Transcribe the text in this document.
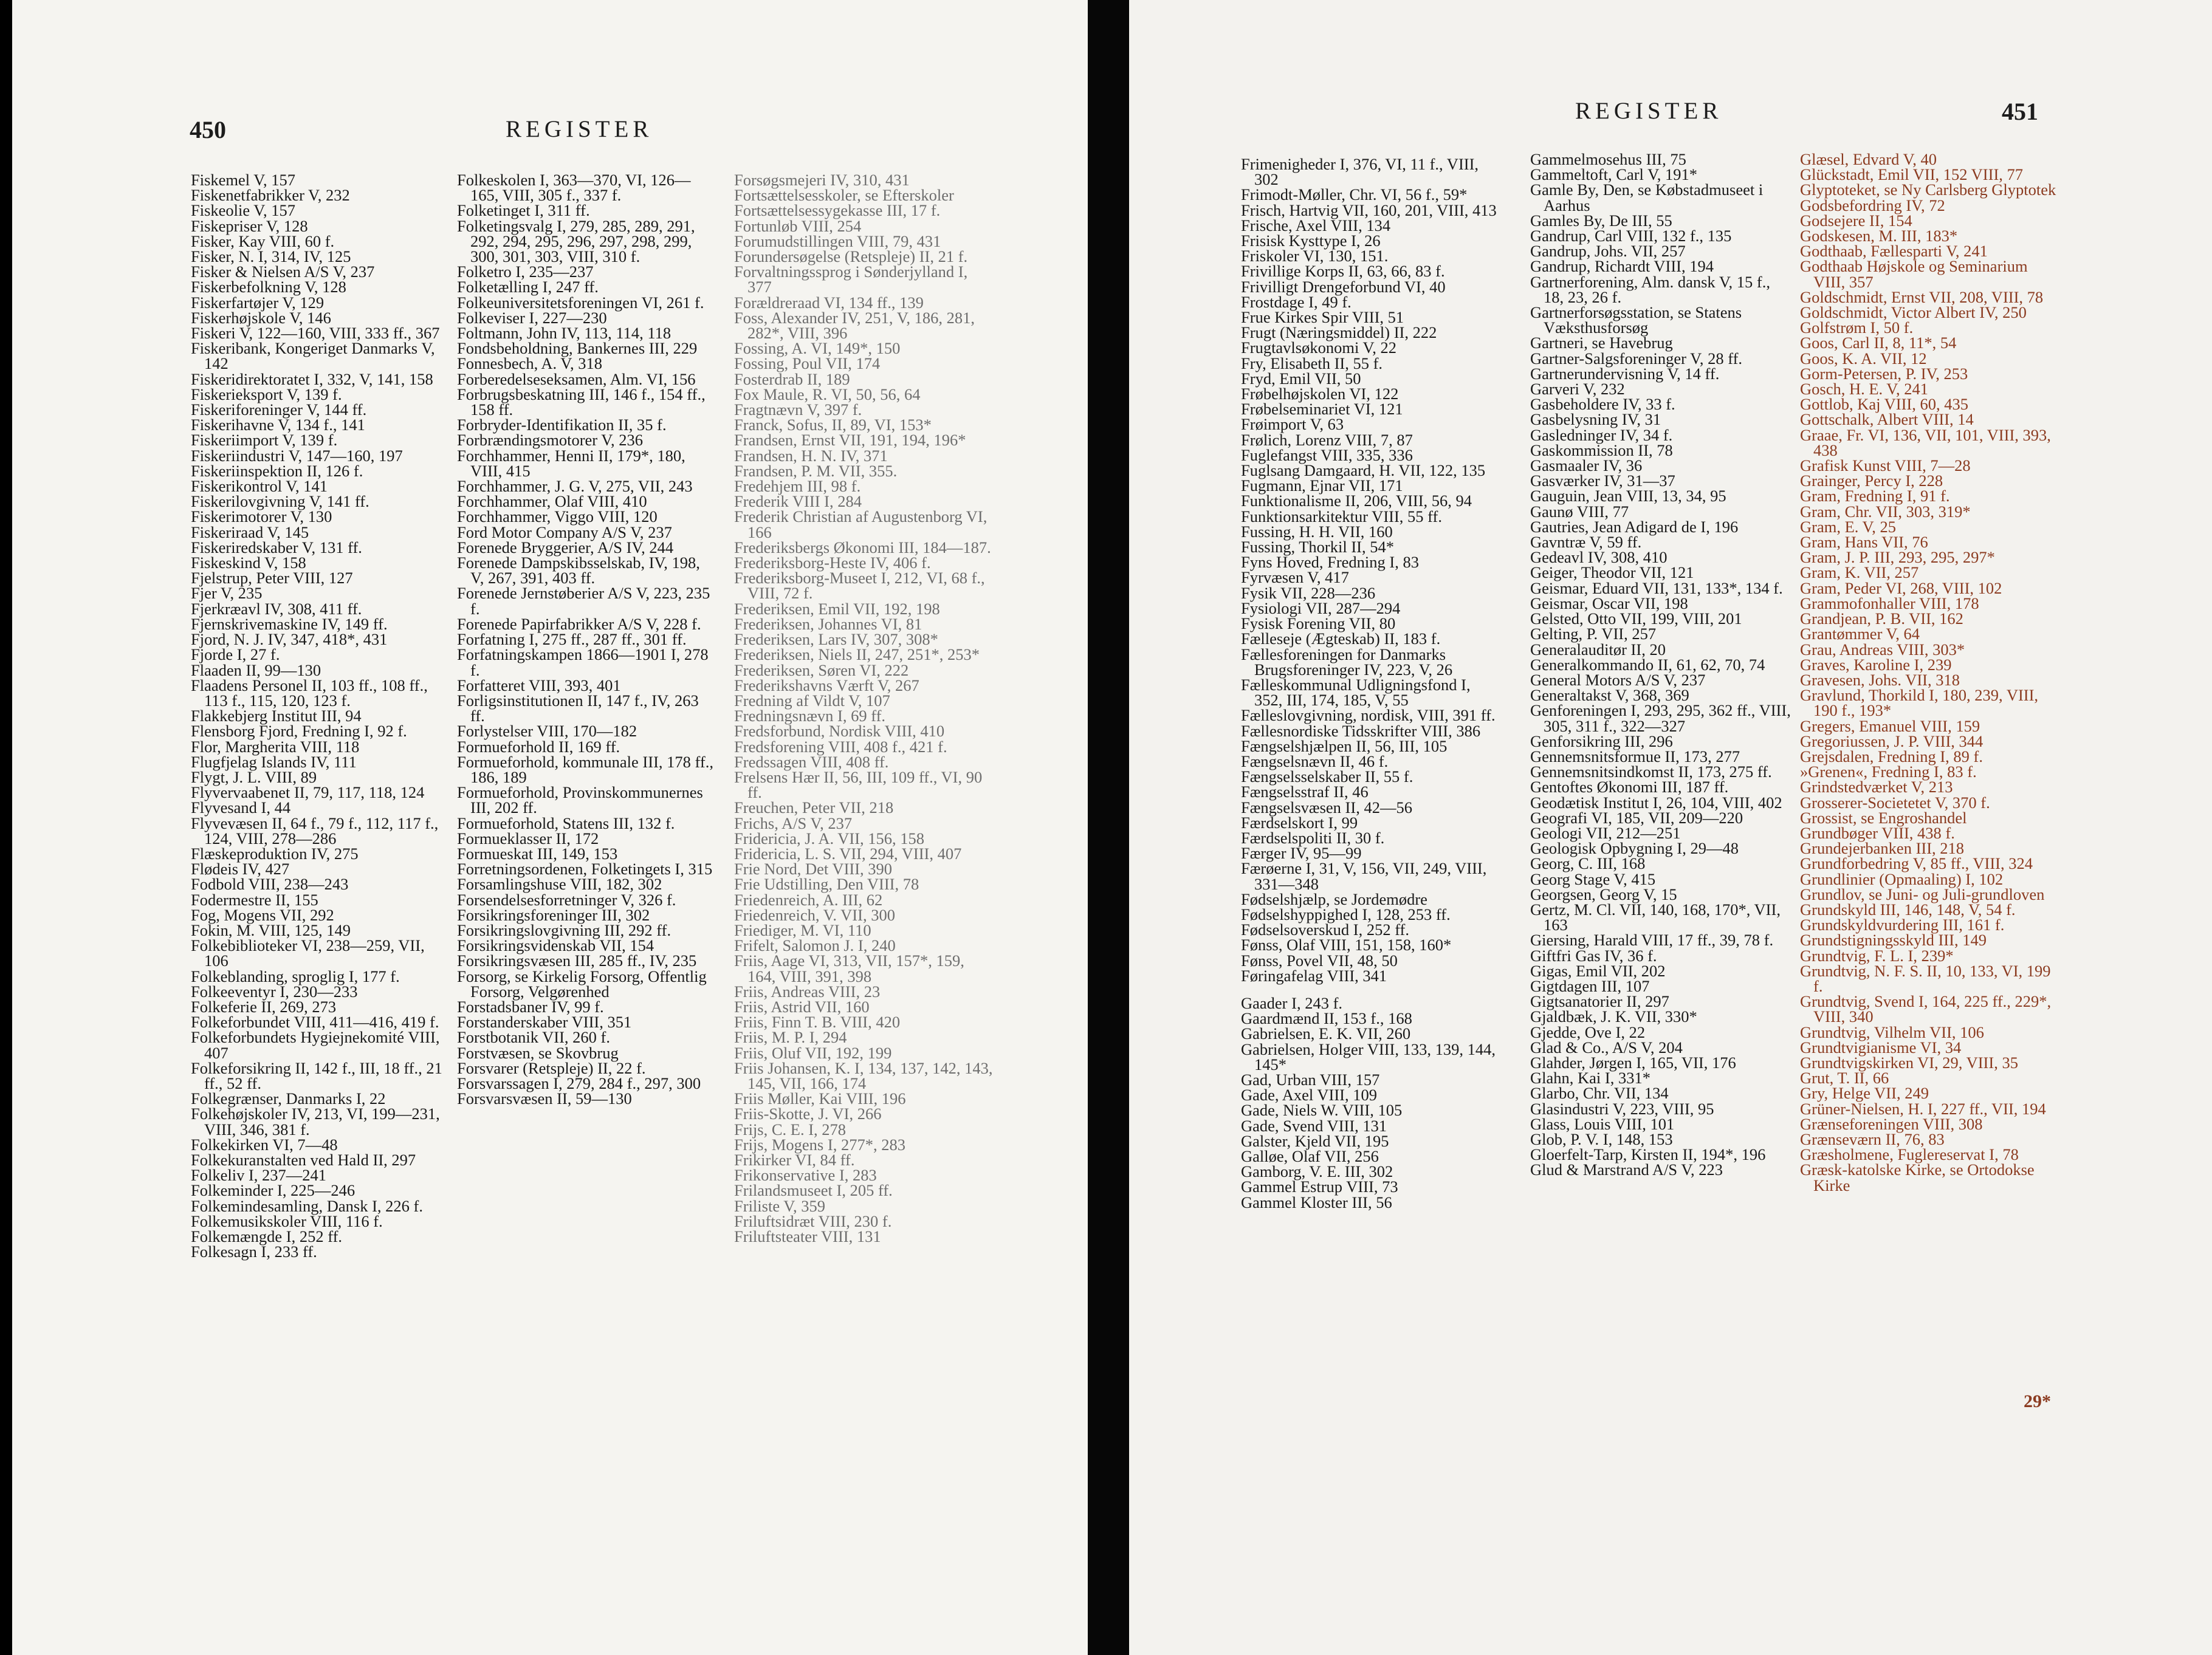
450	REGISTER

Fiskemel V, 157

Fiskenetfabrikker V, 232

Fiskeolie V, 157

Fiskepriser V, 128

Fisker, Kay VIII, 60 f.

Fisker, N. I, 314, IV, 125

Fisker & Nielsen A/S V, 237

Fiskerbefolkning V, 128

Fiskerfartøjer V, 129

Fiskerhøjskole V, 146

Fiskeri V, 122—160, VIII, 333 ff., 367

Fiskeribank, Kongeriget Danmarks V, 142

Fiskeridirektoratet I, 332, V, 141, 158

Fiskerieksport V, 139 f.

Fiskeriforeninger V, 144 ff.

Fiskerihavne V, 134 f., 141

Fiskeriimport V, 139 f.

Fiskeriindustri V, 147—160, 197

Fiskeriinspektion II, 126 f.

Fiskerikontrol V, 141

Fiskerilovgivning V, 141 ff.

Fiskerimotorer V, 130

Fiskeriraad V, 145

Fiskeriredskaber V, 131 ff.

Fiskeskind V, 158

Fjelstrup, Peter VIII, 127

Fjer V, 235

Fjerkræavl IV, 308, 411 ff.

Fjernskrivemaskine IV, 149 ff.

Fjord, N. J. IV, 347, 418*, 431

Fjorde I, 27 f.

Flaaden II, 99—130

Flaadens Personel II, 103 ff., 108 ff., 113 f., 115, 120, 123 f.

Flakkebjerg Institut III, 94

Flensborg Fjord, Fredning I, 92 f.

Flor, Margherita VIII, 118

Flugfjelag Islands IV, 111

Flygt, J. L. VIII, 89

Flyvervaabenet II, 79, 117, 118, 124

Flyvesand I, 44

Flyvevæsen II, 64 f., 79 f., 112, 117 f., 124, VIII, 278—286

Flæskeproduktion IV, 275

Flødeis IV, 427

Fodbold VIII, 238—243

Fodermestre II, 155

Fog, Mogens VII, 292

Fokin, M. VIII, 125, 149

Folkebiblioteker VI, 238—259, VII, 106

Folkeblanding, sproglig I, 177 f.

Folkeeventyr I, 230—233

Folkeferie II, 269, 273

Folkeforbundet VIII, 411—416, 419 f.

Folkeforbundets Hygiejnekomité VIII, 407

Folkeforsikring II, 142 f., III, 18 ff., 21 ff., 52 ff.

Folkegrænser, Danmarks I, 22

Folkehøjskoler IV, 213, VI, 199—231, VIII, 346, 381 f.

Folkekirken VI, 7—48

Folkekuranstalten ved Hald II, 297

Folkeliv I, 237—241

Folkeminder I, 225—246

Folkemindesamling, Dansk I, 226 f.

Folkemusikskoler VIII, 116 f.

Folkemængde I, 252 ff.

Folkesagn I, 233 ff.

Folkeskolen I, 363—370, VI, 126—165, VIII, 305 f., 337 f.

Folketinget I, 311 ff.

Folketingsvalg I, 279, 285, 289, 291, 292, 294, 295, 296, 297, 298, 299, 300, 301, 303, VIII, 310 f.

Folketro I, 235—237

Folketælling I, 247 ff.

Folkeuniversitetsforeningen VI, 261 f.

Folkeviser I, 227—230

Foltmann, John IV, 113, 114, 118

Fondsbeholdning, Bankernes III, 229

Fonnesbech, A. V, 318

Forberedelseseksamen, Alm. VI, 156

Forbrugsbeskatning III, 146 f., 154 ff., 158 ff.

Forbryder-Identifikation II, 35 f.

Forbrændingsmotorer V, 236

Forchhammer, Henni II, 179*, 180, VIII, 415

Forchhammer, J. G. V, 275, VII, 243

Forchhammer, Olaf VIII, 410

Forchhammer, Viggo VIII, 120

Ford Motor Company A/S V, 237

Forenede Bryggerier, A/S IV, 244

Forenede Dampskibsselskab, IV, 198, V, 267, 391, 403 ff.

Forenede Jernstøberier A/S V, 223, 235 f.

Forenede Papirfabrikker A/S V, 228 f.

Forfatning I, 275 ff., 287 ff., 301 ff.

Forfatningskampen 1866—1901 I, 278 f.

Forfatteret VIII, 393, 401

Forligsinstitutionen II, 147 f., IV, 263 ff.

Forlystelser VIII, 170—182

Formueforhold II, 169 ff.

Formueforhold, kommunale III, 178 ff., 186, 189

Formueforhold, Provinskommunernes III, 202 ff.

Formueforhold, Statens III, 132 f.

Formueklasser II, 172

Formueskat III, 149, 153

Forretningsordenen, Folketingets I, 315

Forsamlingshuse VIII, 182, 302

Forsendelsesforretninger V, 326 f.

Forsikringsforeninger III, 302

Forsikringslovgivning III, 292 ff.

Forsikringsvidenskab VII, 154

Forsikringsvæsen III, 285 ff., IV, 235

Forsorg, se Kirkelig Forsorg, Offentlig Forsorg, Velgørenhed

Forstadsbaner IV, 99 f.

Forstanderskaber VIII, 351

Forstbotanik VII, 260 f.

Forstvæsen, se Skovbrug

Forsvarer (Retspleje) II, 22 f.

Forsvarssagen I, 279, 284 f., 297, 300

Forsvarsvæsen II, 59—130

Forsøgsmejeri IV, 310, 431

Fortsættelsesskoler, se Efterskoler

Fortsættelsessygekasse III, 17 f.

Fortunløb VIII, 254

Forumudstillingen VIII, 79, 431

Forundersøgelse (Retspleje) II, 21 f.

Forvaltningssprog i Sønderjylland I, 377

Forældreraad VI, 134 ff., 139

Foss, Alexander IV, 251, V, 186, 281, 282*, VIII, 396

Fossing, A. VI, 149*, 150

Fossing, Poul VII, 174

Fosterdrab II, 189

Fox Maule, R. VI, 50, 56, 64

Fragtnævn V, 397 f.

Franck, Sofus, II, 89, VI, 153*

Frandsen, Ernst VII, 191, 194, 196*

Frandsen, H. N. IV, 371

Frandsen, P. M. VII, 355.

Fredehjem III, 98 f.

Frederik VIII I, 284

Frederik Christian af Augustenborg VI, 166

Frederiksbergs Økonomi III, 184—187.

Frederiksborg-Heste IV, 406 f.

Frederiksborg-Museet I, 212, VI, 68 f., VIII, 72 f.

Frederiksen, Emil VII, 192, 198

Frederiksen, Johannes VI, 81

Frederiksen, Lars IV, 307, 308*

Frederiksen, Niels II, 247, 251*, 253*

Frederiksen, Søren VI, 222

Frederikshavns Værft V, 267

Fredning af Vildt V, 107

Fredningsnævn I, 69 ff.

Fredsforbund, Nordisk VIII, 410

Fredsforening VIII, 408 f., 421 f.

Fredssagen VIII, 408 ff.

Frelsens Hær II, 56, III, 109 ff., VI, 90 ff.

Freuchen, Peter VII, 218

Frichs, A/S V, 237

Fridericia, J. A. VII, 156, 158

Fridericia, L. S. VII, 294, VIII, 407

Frie Nord, Det VIII, 390

Frie Udstilling, Den VIII, 78

Friedenreich, A. III, 62

Friedenreich, V. VII, 300

Friediger, M. VI, 110

Frifelt, Salomon J. I, 240

Friis, Aage VI, 313, VII, 157*, 159, 164, VIII, 391, 398

Friis, Andreas VIII, 23

Friis, Astrid VII, 160

Friis, Finn T. B. VIII, 420

Friis, M. P. I, 294

Friis, Oluf VII, 192, 199

Friis Johansen, K. I, 134, 137, 142, 143, 145, VII, 166, 174

Friis Møller, Kai VIII, 196

Friis-Skotte, J. VI, 266

Frijs, C. E. I, 278

Frijs, Mogens I, 277*, 283

Frikirker VI, 84 ff.

Frikonservative I, 283

Frilandsmuseet I, 205 ff.

Friliste V, 359

Friluftsidræt VIII, 230 f.

Friluftsteater VIII, 131

REGISTER	451

Frimenigheder I, 376, VI, 11 f., VIII, 302

Frimodt-Møller, Chr. VI, 56 f., 59*

Frisch, Hartvig VII, 160, 201, VIII, 413

Frische, Axel VIII, 134

Frisisk Kysttype I, 26

Friskoler VI, 130, 151.

Frivillige Korps II, 63, 66, 83 f.

Frivilligt Drengeforbund VI, 40

Frostdage I, 49 f.

Frue Kirkes Spir VIII, 51

Frugt (Næringsmiddel) II, 222

Frugtavlsøkonomi V, 22

Fry, Elisabeth II, 55 f.

Fryd, Emil VII, 50

Frøbelhøjskolen VI, 122

Frøbelseminariet VI, 121

Frøimport V, 63

Frølich, Lorenz VIII, 7, 87

Fuglefangst VIII, 335, 336

Fuglsang Damgaard, H. VII, 122, 135

Fugmann, Ejnar VII, 171

Funktionalisme II, 206, VIII, 56, 94

Funktionsarkitektur VIII, 55 ff.

Fussing, H. H. VII, 160

Fussing, Thorkil II, 54*

Fyns Hoved, Fredning I, 83

Fyrvæsen V, 417

Fysik VII, 228—236

Fysiologi VII, 287—294

Fysisk Forening VII, 80

Fælleseje (Ægteskab) II, 183 f.

Fællesforeningen for Danmarks Brugsforeninger IV, 223, V, 26

Fælleskommunal Udligningsfond I, 352, III, 174, 185, V, 55

Fælleslovgivning, nordisk, VIII, 391 ff.

Fællesnordiske Tidsskrifter VIII, 386

Fængselshjælpen II, 56, III, 105

Fængselsnævn II, 46 f.

Fængselsselskaber II, 55 f.

Fængselsstraf II, 46

Fængselsvæsen II, 42—56

Færdselskort I, 99

Færdselspoliti II, 30 f.

Færger IV, 95—99

Færøerne I, 31, V, 156, VII, 249, VIII, 331—348

Fødselshjælp, se Jordemødre

Fødselshyppighed I, 128, 253 ff.

Fødselsoverskud I, 252 ff.

Fønss, Olaf VIII, 151, 158, 160*

Fønss, Povel VII, 48, 50

Føringafelag VIII, 341

Gaader I, 243 f.

Gaardmænd II, 153 f., 168

Gabrielsen, E. K. VII, 260

Gabrielsen, Holger VIII, 133, 139, 144, 145*

Gad, Urban VIII, 157

Gade, Axel VIII, 109

Gade, Niels W. VIII, 105

Gade, Svend VIII, 131

Galster, Kjeld VII, 195

Galløe, Olaf VII, 256

Gamborg, V. E. III, 302

Gammel Estrup VIII, 73

Gammel Kloster III, 56

Gammelmosehus III, 75

Gammeltoft, Carl V, 191*

Gamle By, Den, se Købstadmuseet i Aarhus

Gamles By, De III, 55

Gandrup, Carl VIII, 132 f., 135

Gandrup, Johs. VII, 257

Gandrup, Richardt VIII, 194

Gartnerforening, Alm. dansk V, 15 f., 18, 23, 26 f.

Gartnerforsøgsstation, se Statens Væksthusforsøg

Gartneri, se Havebrug

Gartner-Salgsforeninger V, 28 ff.

Gartnerundervisning V, 14 ff.

Garveri V, 232

Gasbeholdere IV, 33 f.

Gasbelysning IV, 31

Gasledninger IV, 34 f.

Gaskommission II, 78

Gasmaaler IV, 36

Gasværker IV, 31—37

Gauguin, Jean VIII, 13, 34, 95

Gaunø VIII, 77

Gautries, Jean Adigard de I, 196

Gavntræ V, 59 ff.

Gedeavl IV, 308, 410

Geiger, Theodor VII, 121

Geismar, Eduard VII, 131, 133*, 134 f.

Geismar, Oscar VII, 198

Gelsted, Otto VII, 199, VIII, 201

Gelting, P. VII, 257

Generalauditør II, 20

Generalkommando II, 61, 62, 70, 74

General Motors A/S V, 237

Generaltakst V, 368, 369

Genforeningen I, 293, 295, 362 ff., VIII, 305, 311 f., 322—327

Genforsikring III, 296

Gennemsnitsformue II, 173, 277

Gennemsnitsindkomst II, 173, 275 ff.

Gentoftes Økonomi III, 187 ff.

Geodætisk Institut I, 26, 104, VIII, 402

Geografi VI, 185, VII, 209—220

Geologi VII, 212—251

Geologisk Opbygning I, 29—48

Georg, C. III, 168

Georg Stage V, 415

Georgsen, Georg V, 15

Gertz, M. Cl. VII, 140, 168, 170*, VII, 163

Giersing, Harald VIII, 17 ff., 39, 78 f.

Giftfri Gas IV, 36 f.

Gigas, Emil VII, 202

Gigtdagen III, 107

Gigtsanatorier II, 297

Gjaldbæk, J. K. VII, 330*

Gjedde, Ove I, 22

Glad & Co., A/S V, 204

Glahder, Jørgen I, 165, VII, 176

Glahn, Kai I, 331*

Glarbo, Chr. VII, 134

Glasindustri V, 223, VIII, 95

Glass, Louis VIII, 101

Glob, P. V. I, 148, 153

Gloerfelt-Tarp, Kirsten II, 194*, 196

Glud & Marstrand A/S V, 223

Glæsel, Edvard V, 40

Glückstadt, Emil VII, 152 VIII, 77

Glyptoteket, se Ny Carlsberg Glyptotek

Godsbefordring IV, 72

Godsejere II, 154

Godskesen, M. III, 183*

Godthaab, Fællesparti V, 241

Godthaab Højskole og Seminarium VIII, 357

Goldschmidt, Ernst VII, 208, VIII, 78

Goldschmidt, Victor Albert IV, 250

Golfstrøm I, 50 f.

Goos, Carl II, 8, 11*, 54

Goos, K. A. VII, 12

Gorm-Petersen, P. IV, 253

Gosch, H. E. V, 241

Gottlob, Kaj VIII, 60, 435

Gottschalk, Albert VIII, 14

Graae, Fr. VI, 136, VII, 101, VIII, 393, 438

Grafisk Kunst VIII, 7—28

Grainger, Percy I, 228

Gram, Fredning I, 91 f.

Gram, Chr. VII, 303, 319*

Gram, E. V, 25

Gram, Hans VII, 76

Gram, J. P. III, 293, 295, 297*

Gram, K. VII, 257

Gram, Peder VI, 268, VIII, 102

Grammofonhaller VIII, 178

Grandjean, P. B. VII, 162

Grantømmer V, 64

Grau, Andreas VIII, 303*

Graves, Karoline I, 239

Gravesen, Johs. VII, 318

Gravlund, Thorkild I, 180, 239, VIII, 190 f., 193*

Gregers, Emanuel VIII, 159

Gregoriussen, J. P. VIII, 344

Grejsdalen, Fredning I, 89 f.

»Grenen«, Fredning I, 83 f.

Grindstedværket V, 213

Grosserer-Societetet V, 370 f.

Grossist, se Engroshandel

Grundbøger VIII, 438 f.

Grundejerbanken III, 218

Grundforbedring V, 85 ff., VIII, 324

Grundlinier (Opmaaling) I, 102

Grundlov, se Juni- og Juli-grundloven

Grundskyld III, 146, 148, V, 54 f.

Grundskyldvurdering III, 161 f.

Grundstigningsskyld III, 149

Grundtvig, F. L. I, 239*

Grundtvig, N. F. S. II, 10, 133, VI, 199 f.

Grundtvig, Svend I, 164, 225 ff., 229*, VIII, 340

Grundtvig, Vilhelm VII, 106

Grundtvigianisme VI, 34

Grundtvigskirken VI, 29, VIII, 35

Grut, T. II, 66

Gry, Helge VII, 249

Grüner-Nielsen, H. I, 227 ff., VII, 194

Grænseforeningen VIII, 308

Grænseværn II, 76, 83

Græsholmene, Fuglereservat I, 78

Græsk-katolske Kirke, se Ortodokse Kirke

29*
